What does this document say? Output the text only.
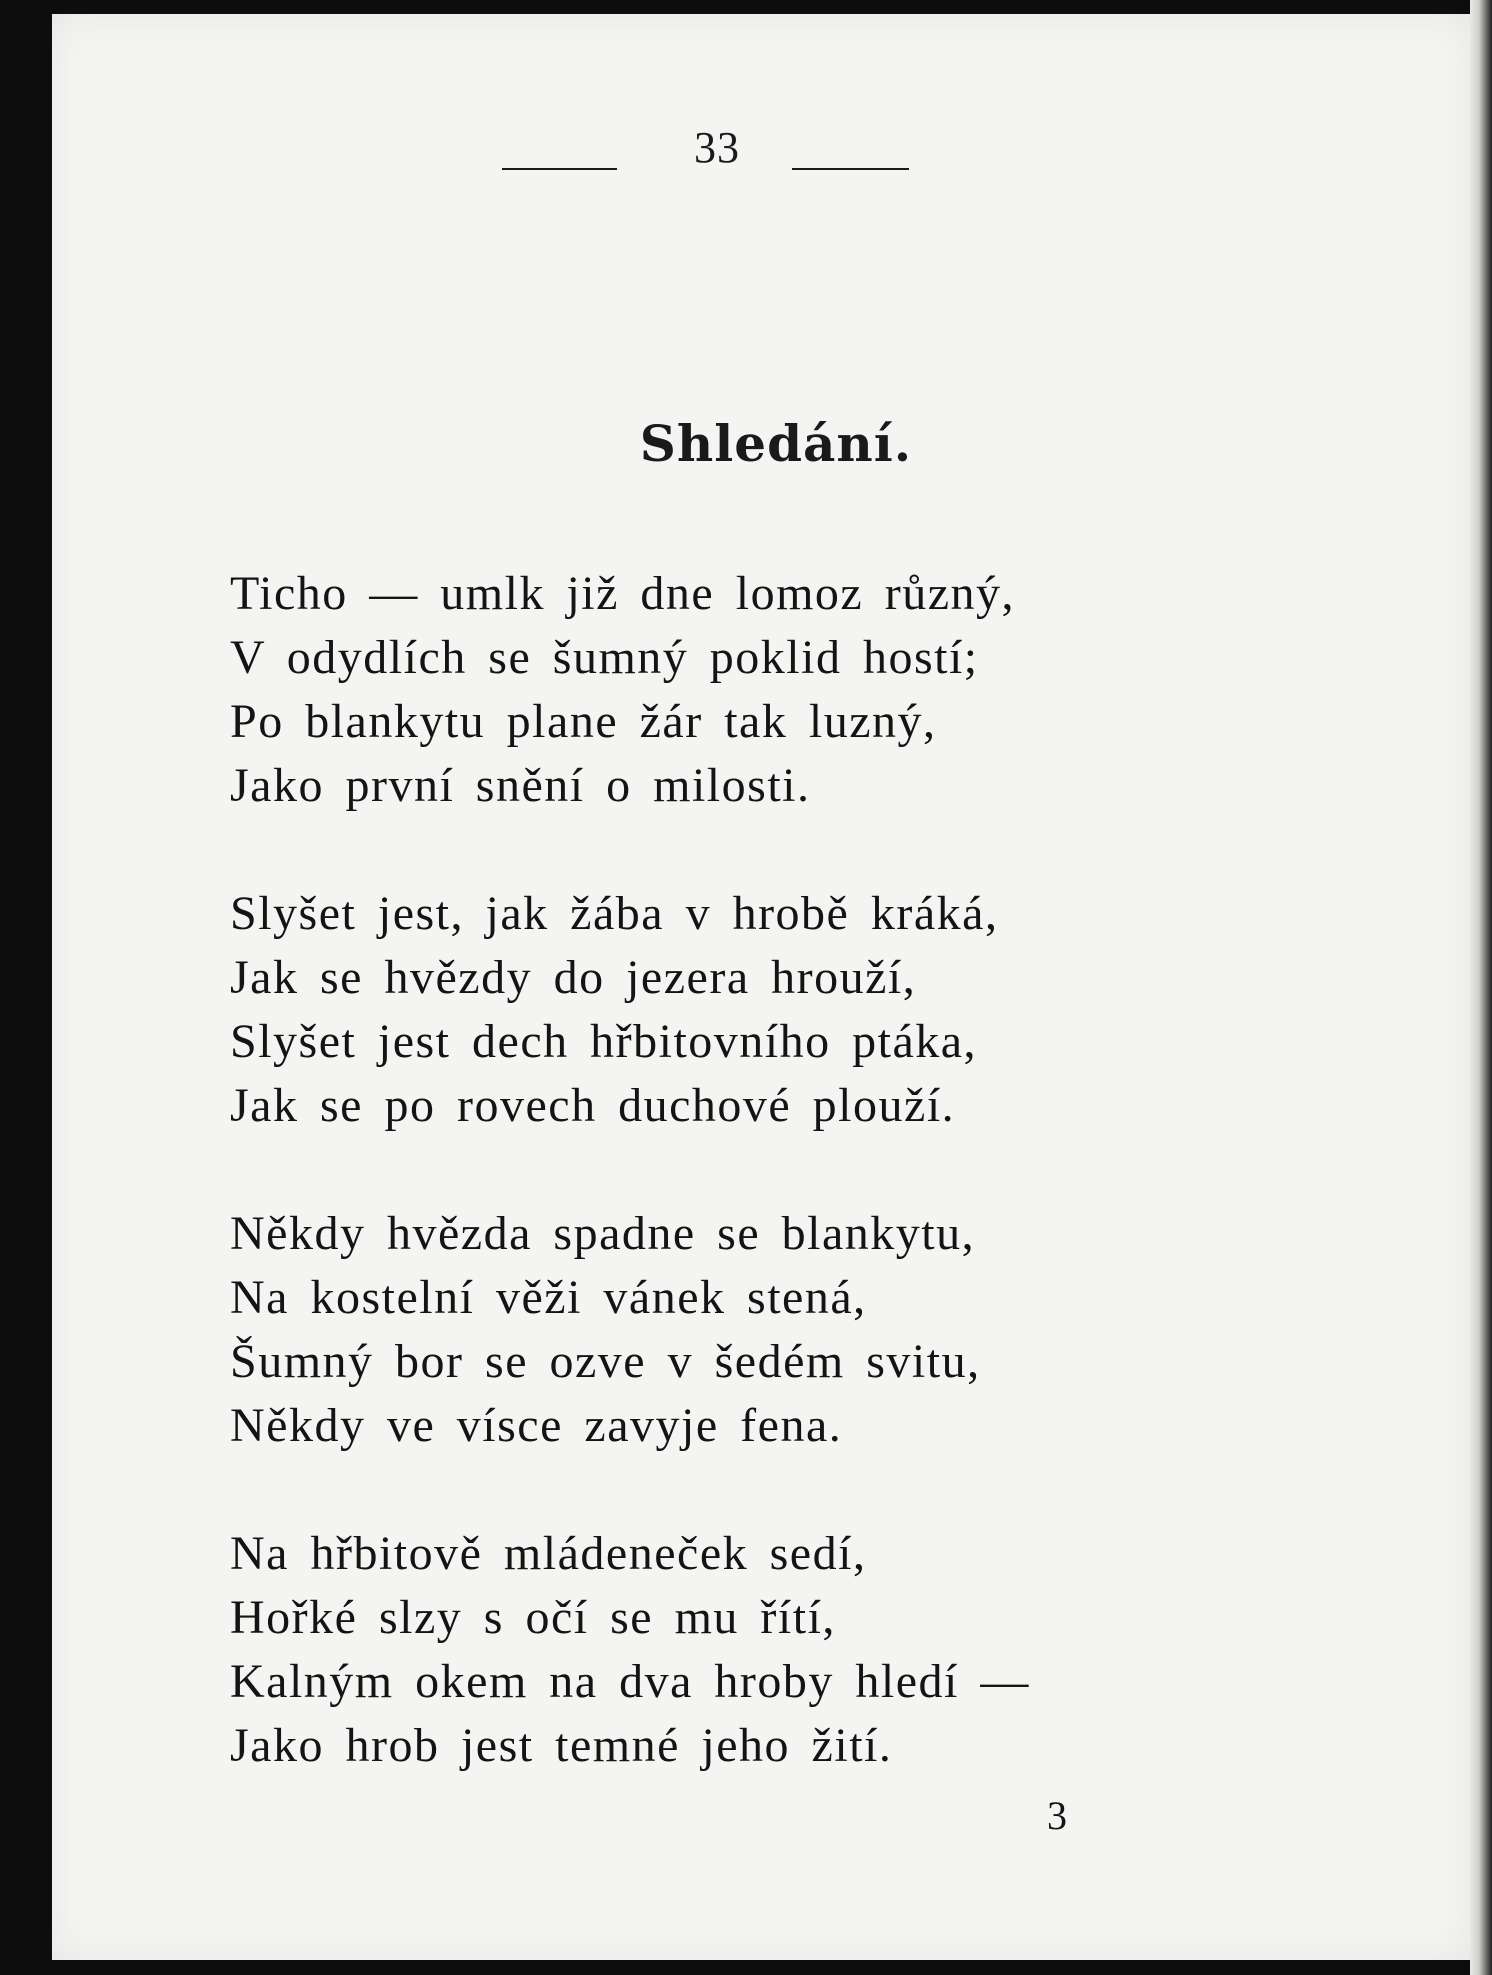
33
Shledání.
Ticho — umlk již dne lomoz různý,
V odydlích se šumný poklid hostí;
Po blankytu plane žár tak luzný,
Jako první snění o milosti.
Slyšet jest, jak žába v hrobě kráká,
Jak se hvězdy do jezera hrouží,
Slyšet jest dech hřbitovního ptáka,
Jak se po rovech duchové plouží.
Někdy hvězda spadne se blankytu,
Na kostelní věži vánek stená,
Šumný bor se ozve v šedém svitu,
Někdy ve vísce zavyje fena.
Na hřbitově mládeneček sedí,
Hořké slzy s očí se mu řítí,
Kalným okem na dva hroby hledí —
Jako hrob jest temné jeho žití.
3
